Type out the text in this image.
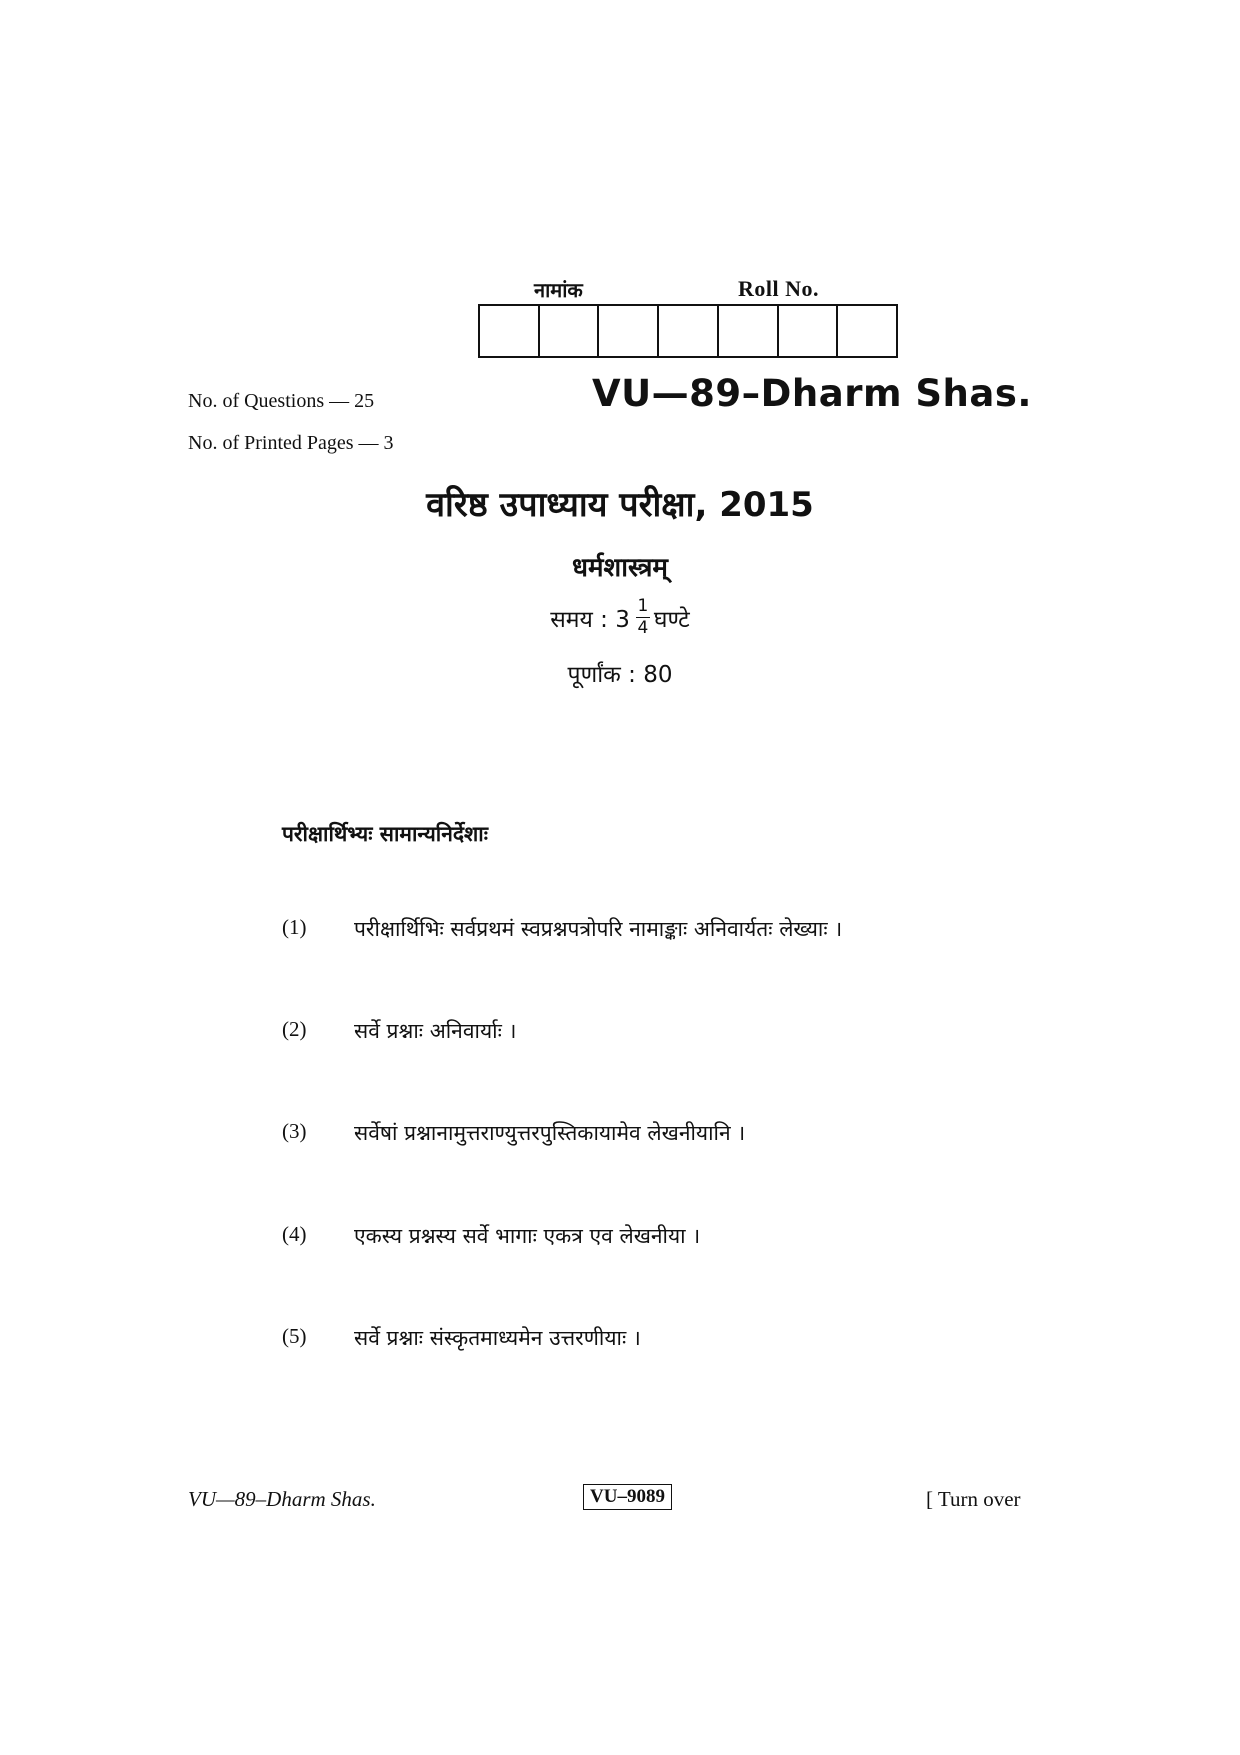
नामांक	Roll No.
No. of Questions — 25
No. of Printed Pages — 3
VU—89–Dharm Shas.
वरिष्ठ उपाध्याय परीक्षा, 2015
धर्मशास्त्रम्
समय : $3 \frac{1}{4}$ घण्टे
पूर्णांक : 80
परीक्षार्थिभ्यः सामान्यनिर्देशाः
(1)	परीक्षार्थिभिः सर्वप्रथमं स्वप्रश्नपत्रोपरि नामाङ्काः अनिवार्यतः लेख्याः ।
(2)	सर्वे प्रश्नाः अनिवार्याः ।
(3)	सर्वेषां प्रश्नानामुत्तराण्युत्तरपुस्तिकायामेव लेखनीयानि ।
(4)	एकस्य प्रश्नस्य सर्वे भागाः एकत्र एव लेखनीया ।
(5)	सर्वे प्रश्नाः संस्कृतमाध्यमेन उत्तरणीयाः ।
VU—89–Dharm Shas.	VU–9089	[ Turn over
